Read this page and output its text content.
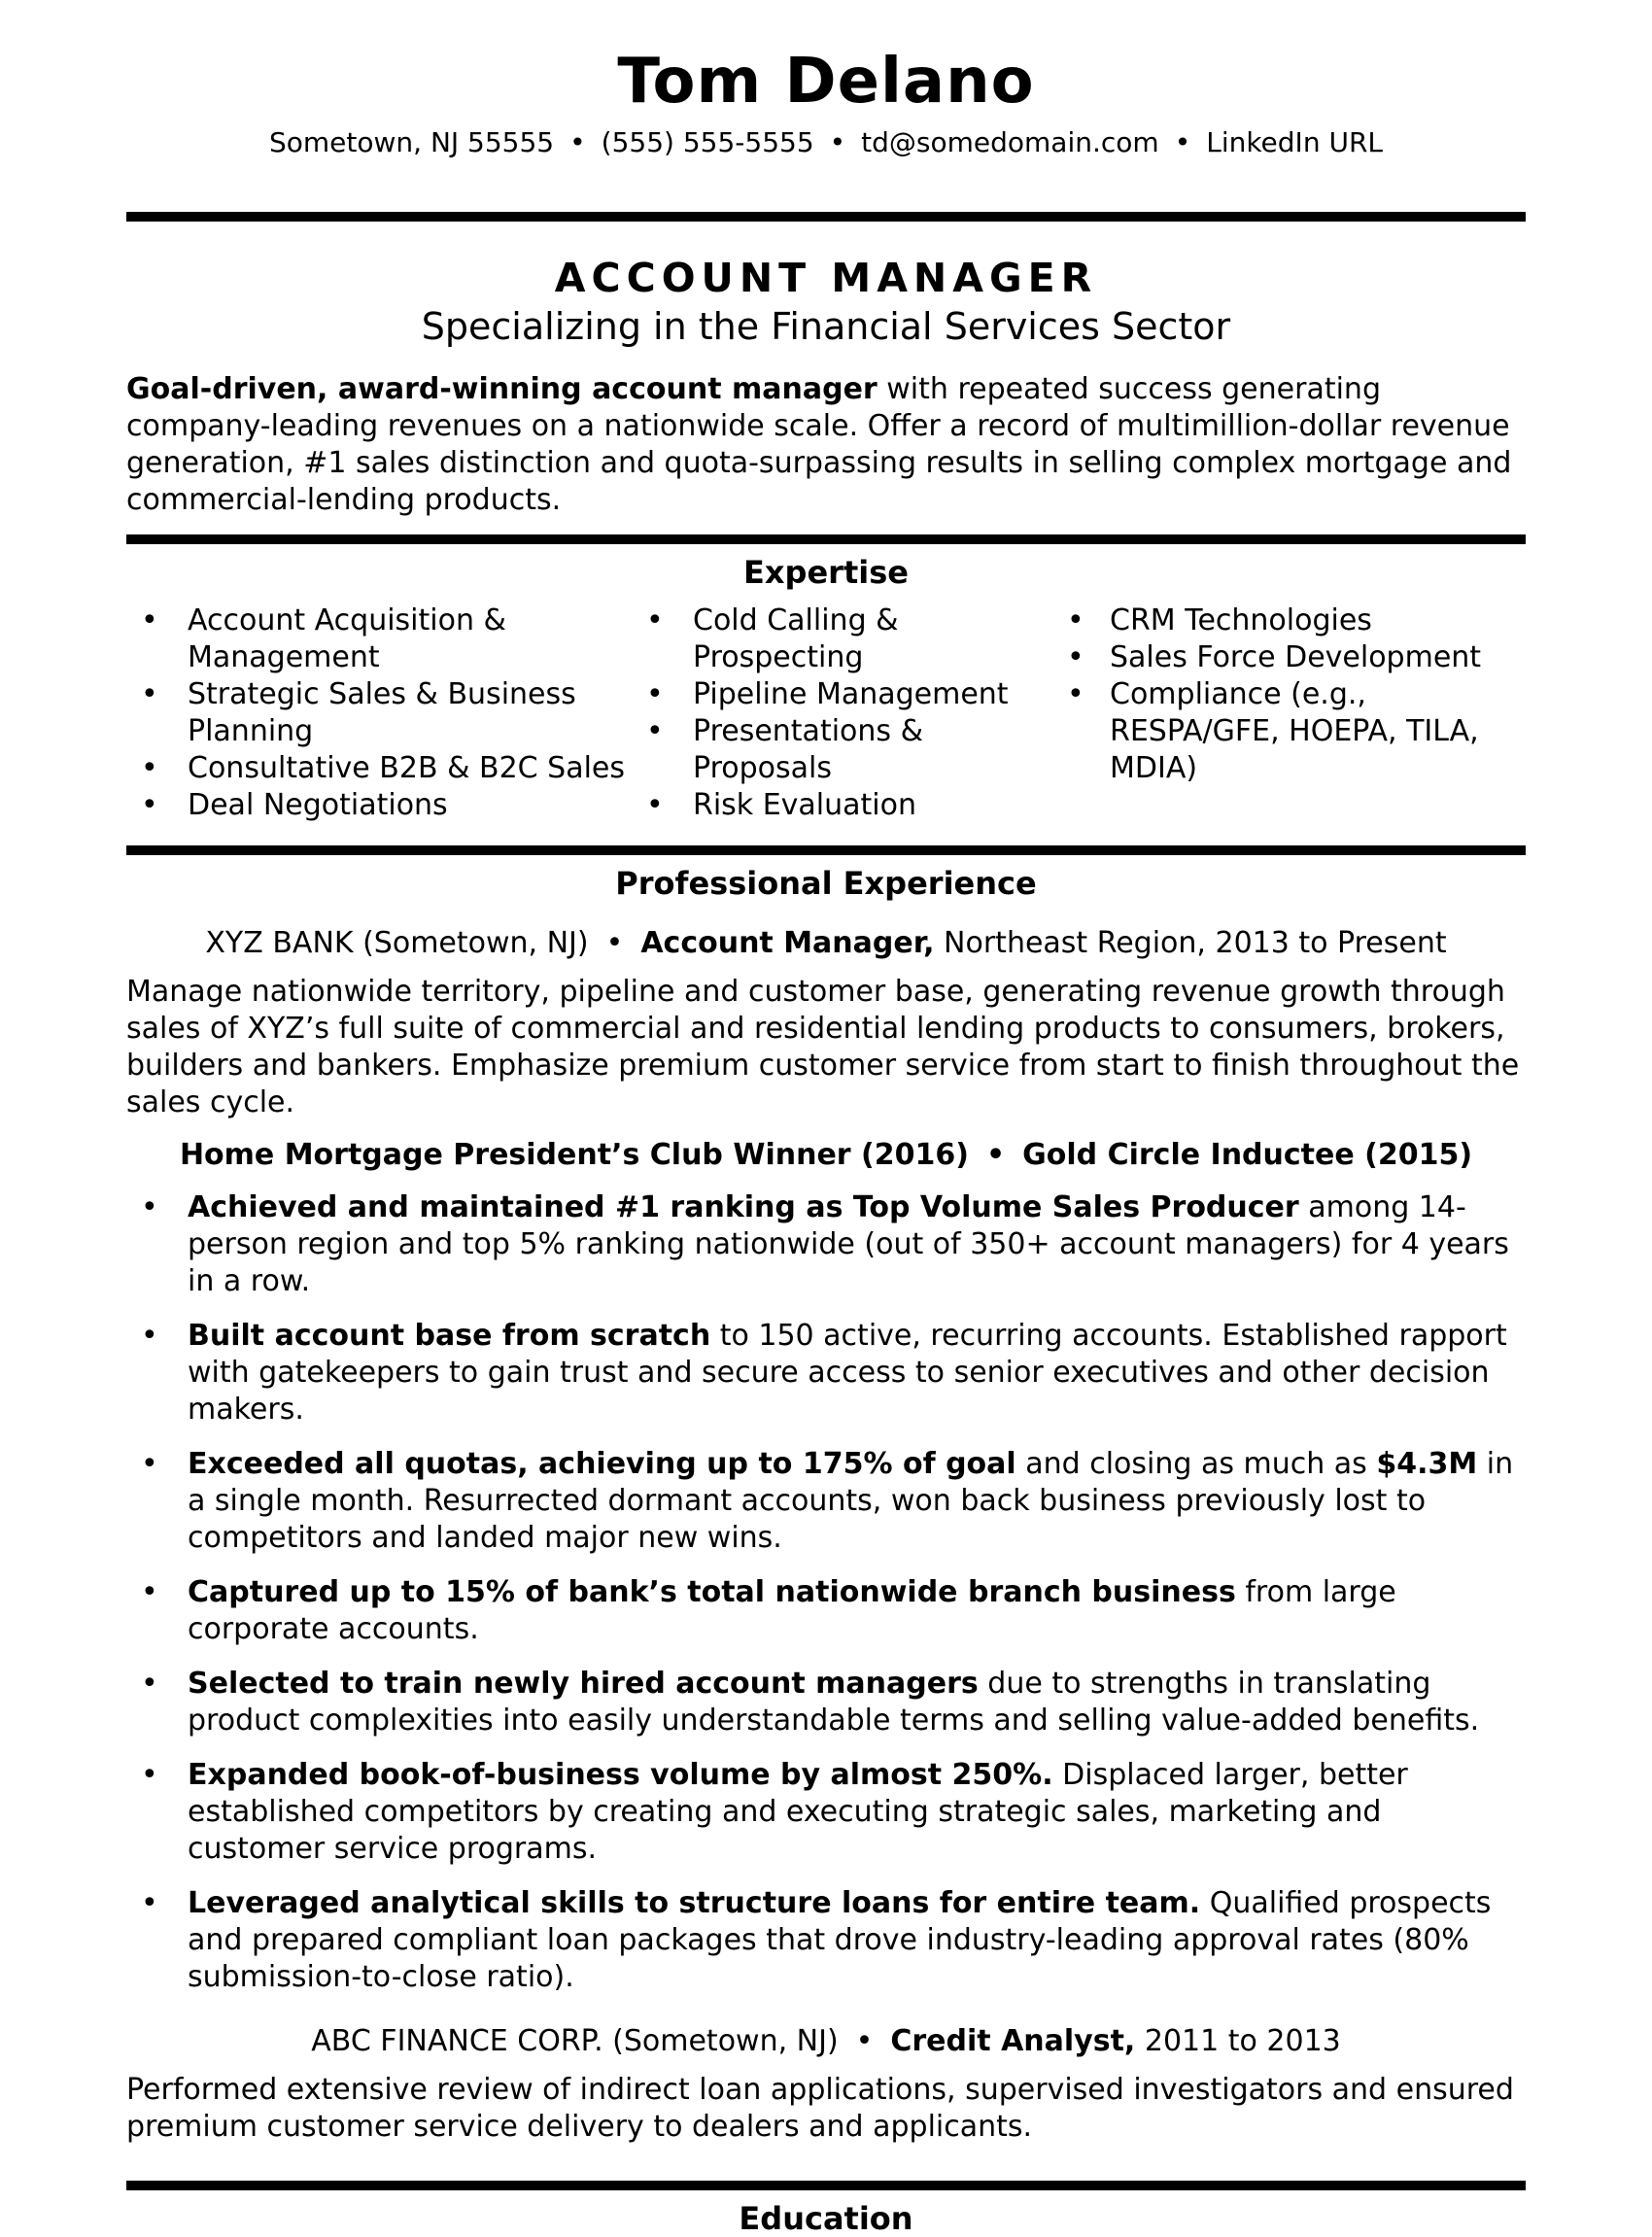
Tom Delano

Sometown, NJ 55555 • (555) 555-5555 • td@somedomain.com • LinkedIn URL

ACCOUNT MANAGER

Specializing in the Financial Services Sector

Goal-driven, award-winning account manager with repeated success generating company-leading revenues on a nationwide scale. Offer a record of multimillion-dollar revenue generation, #1 sales distinction and quota-surpassing results in selling complex mortgage and commercial-lending products.

Expertise
• Account Acquisition & Management
• Strategic Sales & Business Planning
• Consultative B2B & B2C Sales
• Deal Negotiations
• Cold Calling & Prospecting
• Pipeline Management
• Presentations & Proposals
• Risk Evaluation
• CRM Technologies
• Sales Force Development
• Compliance (e.g., RESPA/GFE, HOEPA, TILA, MDIA)
Professional Experience

XYZ BANK (Sometown, NJ) • Account Manager, Northeast Region, 2013 to Present

Manage nationwide territory, pipeline and customer base, generating revenue growth through sales of XYZ’s full suite of commercial and residential lending products to consumers, brokers, builders and bankers. Emphasize premium customer service from start to finish throughout the sales cycle.

Home Mortgage President’s Club Winner (2016) • Gold Circle Inductee (2015)

• Achieved and maintained #1 ranking as Top Volume Sales Producer among 14-person region and top 5% ranking nationwide (out of 350+ account managers) for 4 years in a row.
• Built account base from scratch to 150 active, recurring accounts. Established rapport with gatekeepers to gain trust and secure access to senior executives and other decision makers.
• Exceeded all quotas, achieving up to 175% of goal and closing as much as $4.3M in a single month. Resurrected dormant accounts, won back business previously lost to competitors and landed major new wins.
• Captured up to 15% of bank’s total nationwide branch business from large corporate accounts.
• Selected to train newly hired account managers due to strengths in translating product complexities into easily understandable terms and selling value-added benefits.
• Expanded book-of-business volume by almost 250%. Displaced larger, better established competitors by creating and executing strategic sales, marketing and customer service programs.
• Leveraged analytical skills to structure loans for entire team. Qualified prospects and prepared compliant loan packages that drove industry-leading approval rates (80% submission-to-close ratio).

ABC FINANCE CORP. (Sometown, NJ) • Credit Analyst, 2011 to 2013

Performed extensive review of indirect loan applications, supervised investigators and ensured premium customer service delivery to dealers and applicants.

Education
